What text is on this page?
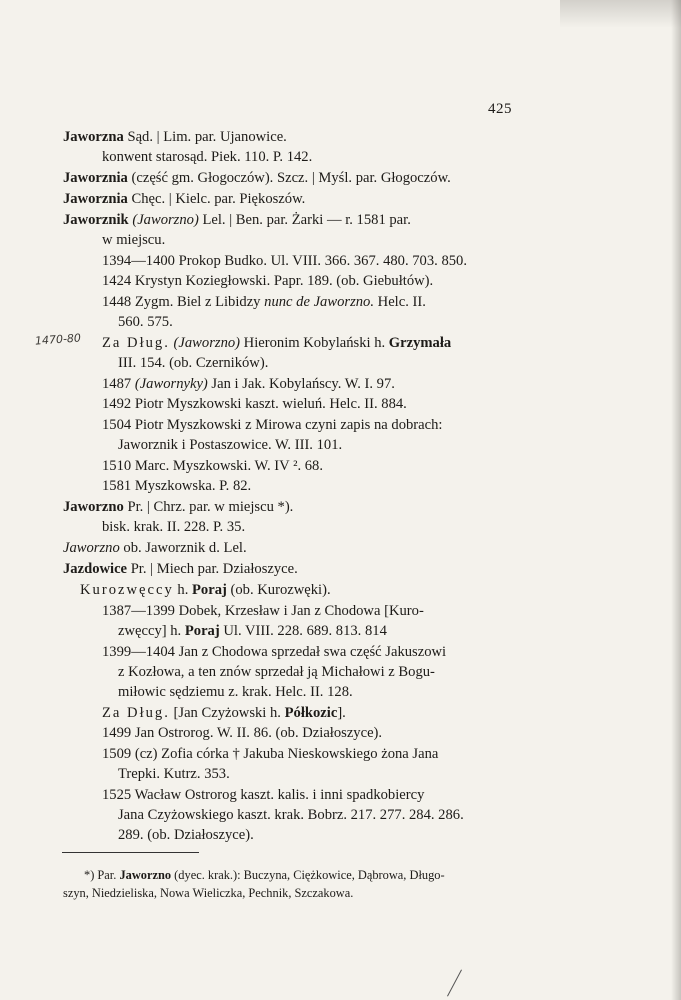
425
1470-80
Jaworzna Sąd. | Lim. par. Ujanowice.
konwent starosąd. Piek. 110. P. 142.
Jaworznia (część gm. Głogoczów). Szcz. | Myśl. par. Głogoczów.
Jaworznia Chęc. | Kielc. par. Piękoszów.
Jaworznik (Jaworzno) Lel. | Ben. par. Żarki — r. 1581 par.
w miejscu.
1394—1400 Prokop Budko. Ul. VIII. 366. 367. 480. 703. 850.
1424 Krystyn Koziegłowski. Papr. 189. (ob. Giebułtów).
1448 Zygm. Biel z Libidzy nunc de Jaworzno. Helc. II.
560. 575.
Za Dług. (Jaworzno) Hieronim Kobylański h. Grzymała
III. 154. (ob. Czerników).
1487 (Jawornyky) Jan i Jak. Kobylańscy. W. I. 97.
1492 Piotr Myszkowski kaszt. wieluń. Helc. II. 884.
1504 Piotr Myszkowski z Mirowa czyni zapis na dobrach:
Jaworznik i Postaszowice. W. III. 101.
1510 Marc. Myszkowski. W. IV ². 68.
1581 Myszkowska. P. 82.
Jaworzno Pr. | Chrz. par. w miejscu *).
bisk. krak. II. 228. P. 35.
Jaworzno ob. Jaworznik d. Lel.
Jazdowice Pr. | Miech par. Działoszyce.
Kurozwęccy h. Poraj (ob. Kurozwęki).
1387—1399 Dobek, Krzesław i Jan z Chodowa [Kuro-
zwęccy] h. Poraj Ul. VIII. 228. 689. 813. 814
1399—1404 Jan z Chodowa sprzedał swa część Jakuszowi
z Kozłowa, a ten znów sprzedał ją Michałowi z Bogu-
miłowic sędziemu z. krak. Helc. II. 128.
Za Dług. [Jan Czyżowski h. Półkozic].
1499 Jan Ostrorog. W. II. 86. (ob. Działoszyce).
1509 (cz) Zofia córka † Jakuba Nieskowskiego żona Jana
Trepki. Kutrz. 353.
1525 Wacław Ostrorog kaszt. kalis. i inni spadkobiercy
Jana Czyżowskiego kaszt. krak. Bobrz. 217. 277. 284. 286.
289. (ob. Działoszyce).
*) Par. Jaworzno (dyec. krak.): Buczyna, Ciężkowice, Dąbrowa, Długo-
szyn, Niedzieliska, Nowa Wieliczka, Pechnik, Szczakowa.
